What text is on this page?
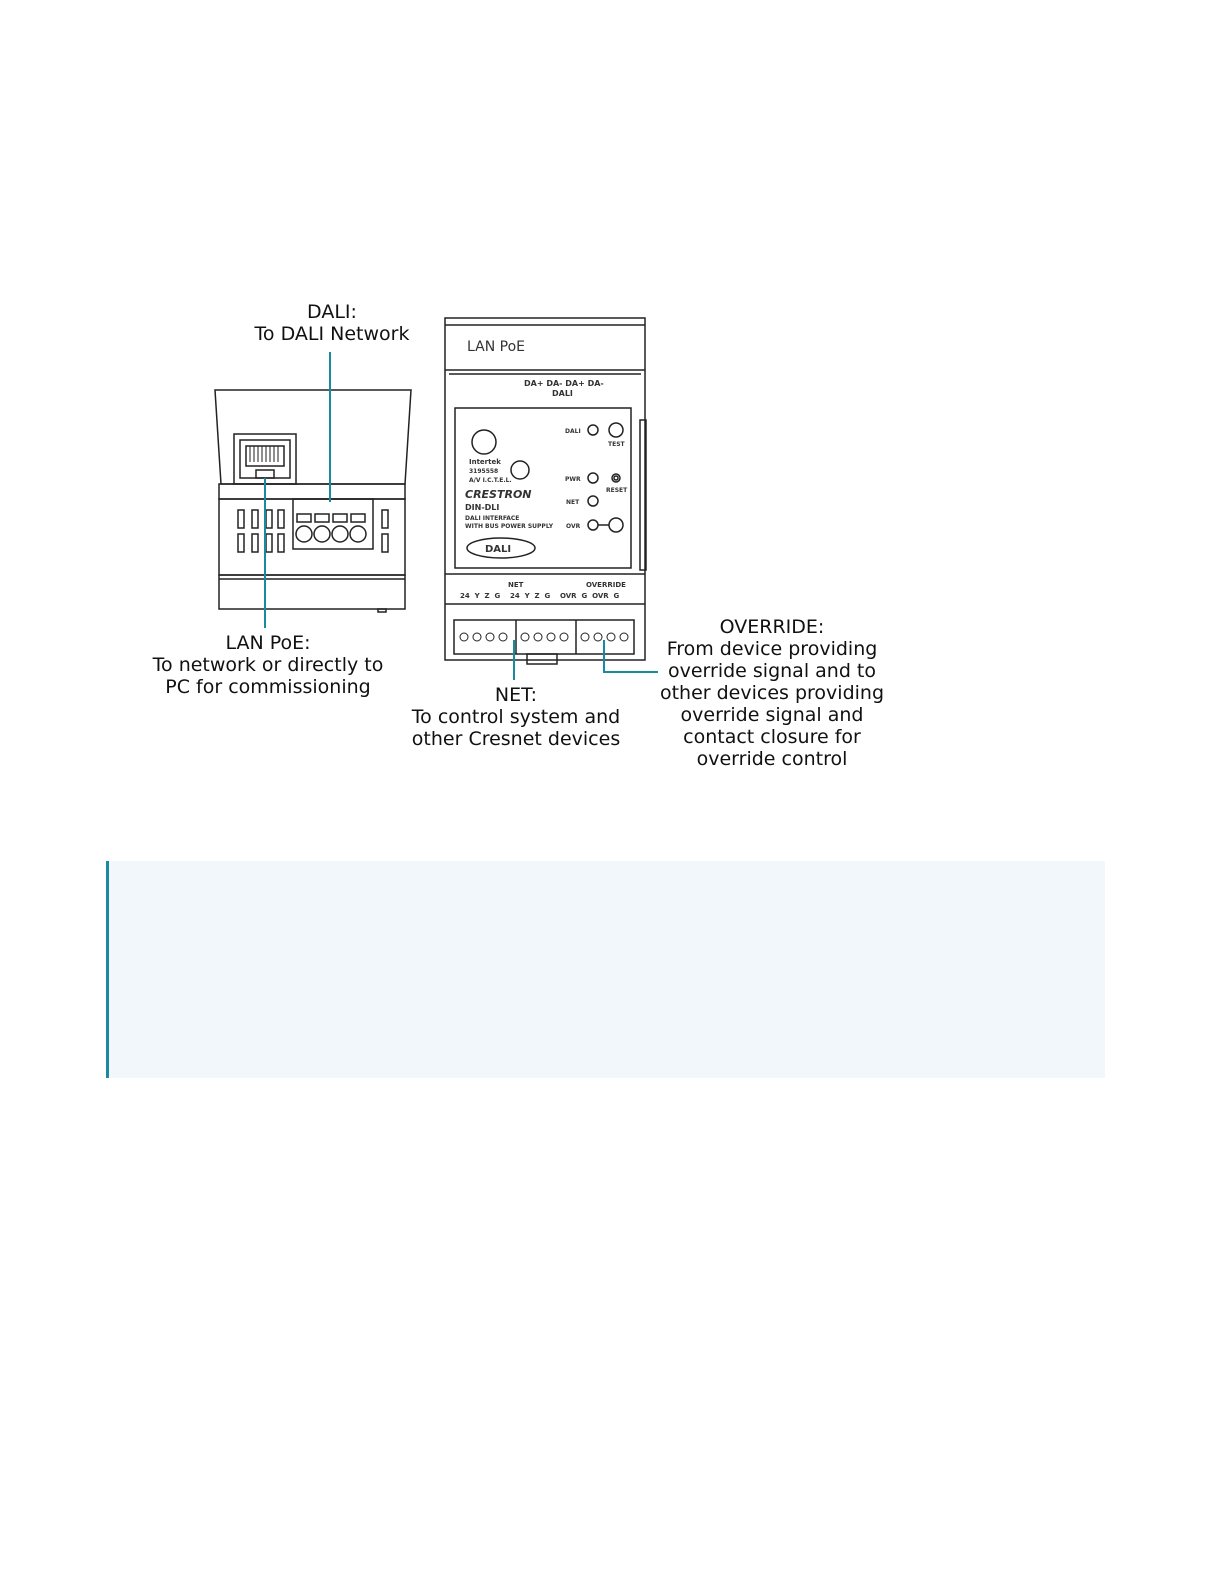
LAN PoE
DA+ DA- DA+ DA-
DALI
Intertek
3195558
A/V I.C.T.E.L.
CRESTRON
DIN-DLI
DALI INTERFACE
WITH BUS POWER SUPPLY
DALI
PWR
NET
OVR
TEST
RESET
DALI
NET	OVERRIDE
24  Y  Z  G    24  Y  Z  G    OVR  G  OVR  G
DALI:
To DALI Network
LAN PoE:
To network or directly to
PC for commissioning	NET:
To control system and
other Cresnet devices
OVERRIDE:
From device providing
override signal and to
other devices providing
override signal and
contact closure for
override control
